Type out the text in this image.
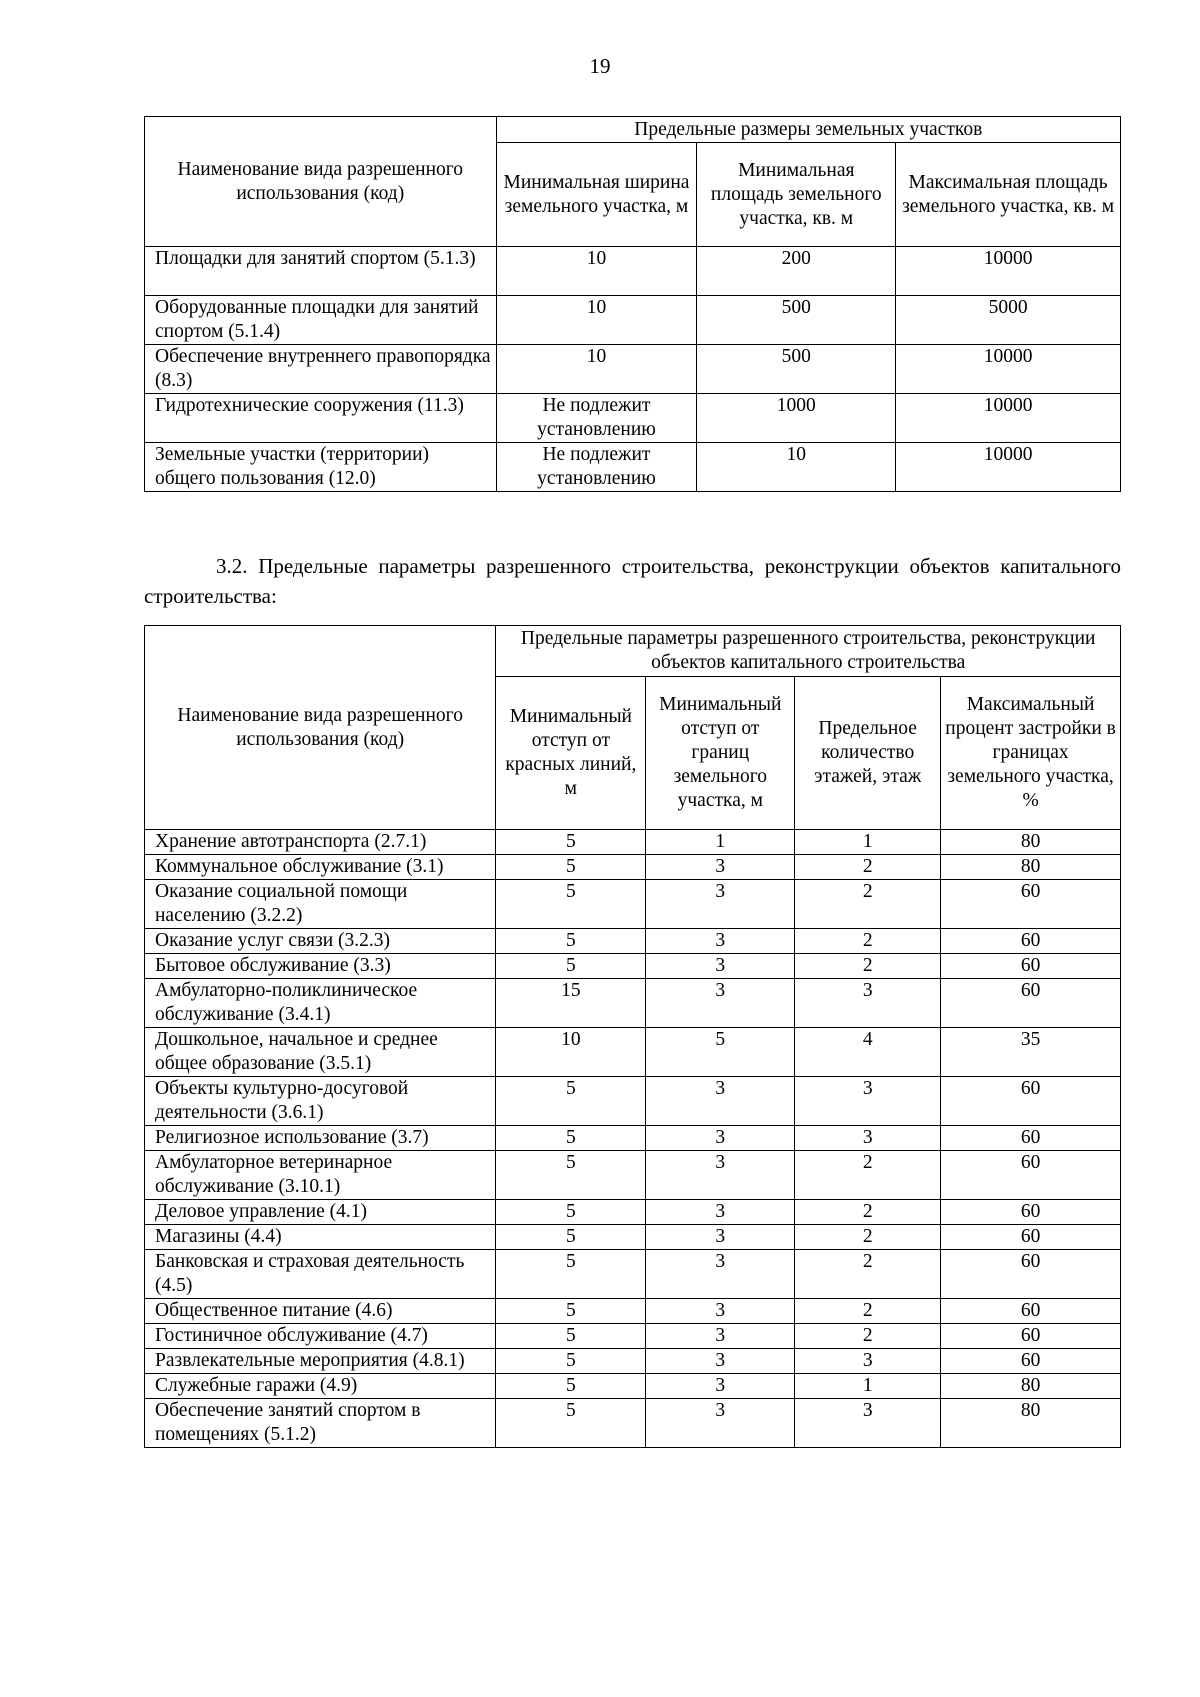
19
Наименование вида разрешенного использования (код)	Предельные размеры земельных участков		
	Минимальная ширина земельного участка, м	Минимальная площадь земельного участка, кв. м	Максимальная площадь земельного участка, кв. м
Площадки для занятий спортом (5.1.3)	10	200	10000
Оборудованные площадки для занятий спортом (5.1.4)	10	500	5000
Обеспечение внутреннего правопорядка (8.3)	10	500	10000
Гидротехнические сооружения (11.3)	Не подлежит установлению	1000	10000
Земельные участки (территории) общего пользования (12.0)	Не подлежит установлению	10	10000

3.2. Предельные параметры разрешенного строительства, реконструкции объектов капитального строительства:

Наименование вида разрешенного использования (код)	Предельные параметры разрешенного строительства, реконструкции объектов капитального строительства			
	Минимальный отступ от красных линий, м	Минимальный отступ от границ земельного участка, м	Предельное количество этажей, этаж	Максимальный процент застройки в границах земельного участка, %
Хранение автотранспорта (2.7.1)	5	1	1	80
Коммунальное обслуживание (3.1)	5	3	2	80
Оказание социальной помощи населению (3.2.2)	5	3	2	60
Оказание услуг связи (3.2.3)	5	3	2	60
Бытовое обслуживание (3.3)	5	3	2	60
Амбулаторно-поликлиническое обслуживание (3.4.1)	15	3	3	60
Дошкольное, начальное и среднее общее образование (3.5.1)	10	5	4	35
Объекты культурно-досуговой деятельности (3.6.1)	5	3	3	60
Религиозное использование (3.7)	5	3	3	60
Амбулаторное ветеринарное обслуживание (3.10.1)	5	3	2	60
Деловое управление (4.1)	5	3	2	60
Магазины (4.4)	5	3	2	60
Банковская и страховая деятельность (4.5)	5	3	2	60
Общественное питание (4.6)	5	3	2	60
Гостиничное обслуживание (4.7)	5	3	2	60
Развлекательные мероприятия (4.8.1)	5	3	3	60
Служебные гаражи (4.9)	5	3	1	80
Обеспечение занятий спортом в помещениях (5.1.2)	5	3	3	80
